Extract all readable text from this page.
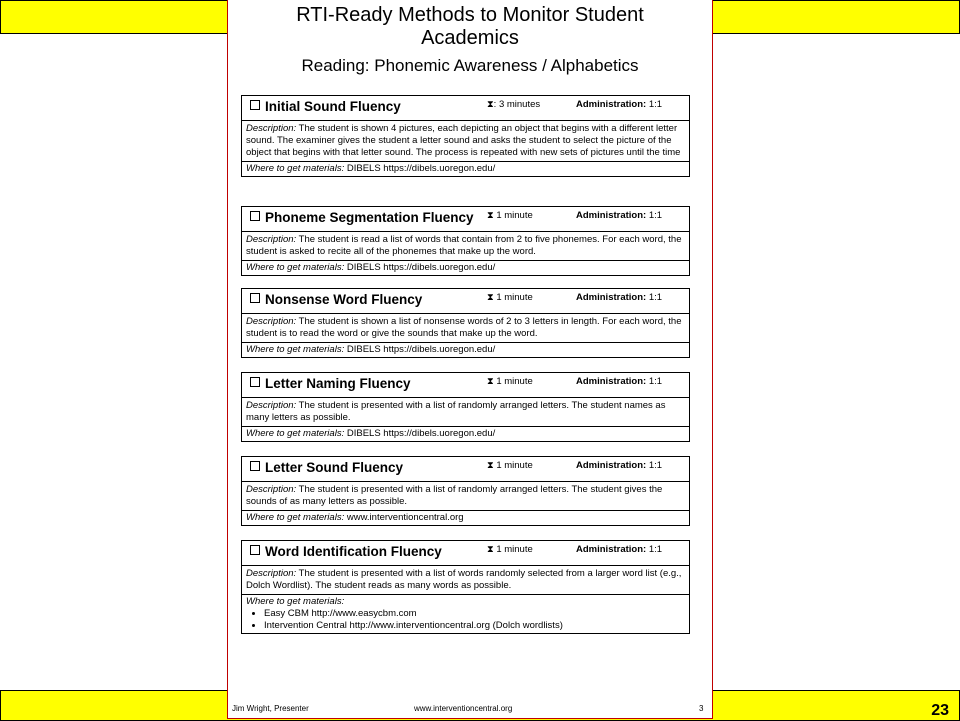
23
RTI-Ready Methods to Monitor Student Academics
Reading: Phonemic Awareness / Alphabetics
Initial Sound Fluency	⧗: 3 minutes	Administration: 1:1
Description: The student is shown 4 pictures, each depicting an object that begins with a different letter sound. The examiner gives the student a letter sound and asks the student to select the picture of the object that begins with that letter sound. The process is repeated with new sets of pictures until the time
Where to get materials: DIBELS https://dibels.uoregon.edu/
Phoneme Segmentation Fluency ⧗ 1 minute	Administration: 1:1
Description: The student is read a list of words that contain from 2 to five phonemes. For each word, the student is asked to recite all of the phonemes that make up the word.
Where to get materials: DIBELS https://dibels.uoregon.edu/
Nonsense Word Fluency	⧗ 1 minute	Administration: 1:1
Description: The student is shown a list of nonsense words of 2 to 3 letters in length. For each word, the student is to read the word or give the sounds that make up the word.
Where to get materials: DIBELS https://dibels.uoregon.edu/
Letter Naming Fluency	⧗ 1 minute	Administration: 1:1
Description: The student is presented with a list of randomly arranged letters. The student names as many letters as possible.
Where to get materials: DIBELS https://dibels.uoregon.edu/
Letter Sound Fluency	⧗ 1 minute	Administration: 1:1
Description: The student is presented with a list of randomly arranged letters. The student gives the sounds of as many letters as possible.
Where to get materials: www.interventioncentral.org
Word Identification Fluency	⧗ 1 minute	Administration: 1:1
Description: The student is presented with a list of words randomly selected from a larger word list (e.g., Dolch Wordlist). The student reads as many words as possible.
Where to get materials:
• Easy CBM http://www.easycbm.com
• Intervention Central http://www.interventioncentral.org (Dolch wordlists)
Jim Wright, Presenter	www.interventioncentral.org	3
